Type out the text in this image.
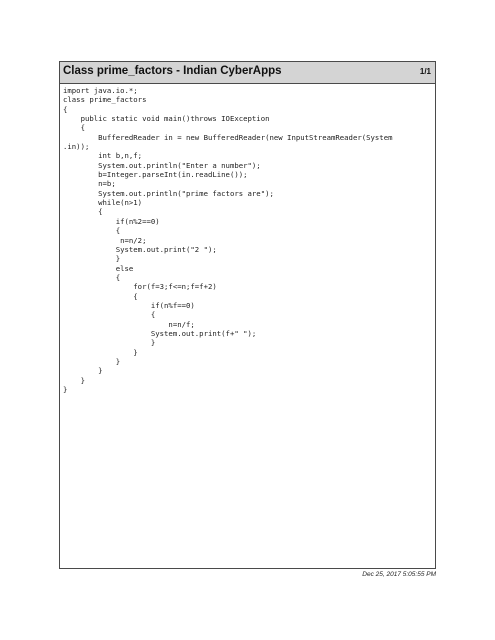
Class prime_factors - Indian CyberApps	1/1
import java.io.*;
class prime_factors
{
public static void main()throws IOException
{
BufferedReader in = new BufferedReader(new InputStreamReader(System
.in));
int b,n,f;
System.out.println("Enter a number");
b=Integer.parseInt(in.readLine());
n=b;
System.out.println("prime factors are");
while(n>1)
{
if(n%2==0)
{
n=n/2;
System.out.print("2 ");
}
else
{
for(f=3;f<=n;f=f+2)
{
if(n%f==0)
{
n=n/f;
System.out.print(f+" ");
}
}
}
}
}
}
Dec 25, 2017 5:05:55 PM
